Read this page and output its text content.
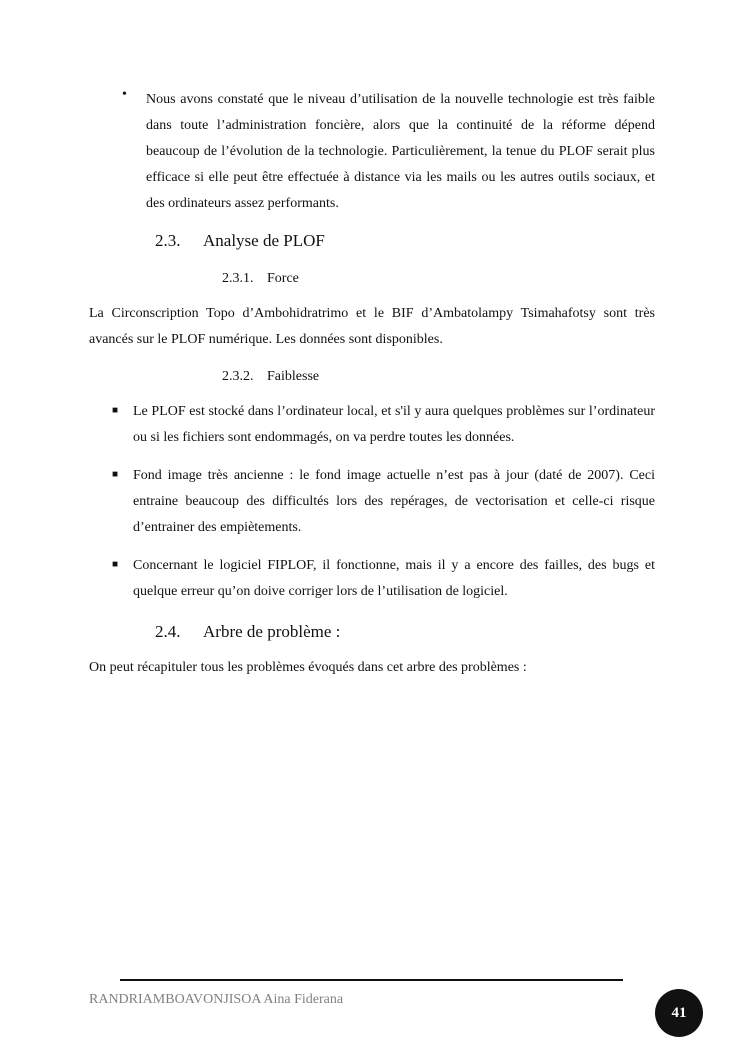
• Nous avons constaté que le niveau d’utilisation de la nouvelle technologie est très faible dans toute l’administration foncière, alors que la continuité de la réforme dépend beaucoup de l’évolution de la technologie. Particulièrement, la tenue du PLOF serait plus efficace si elle peut être effectuée à distance via les mails ou les autres outils sociaux, et des ordinateurs assez performants.
2.3. Analyse de PLOF
2.3.1. Force
La Circonscription Topo d’Ambohidratrimo et le BIF d’Ambatolampy Tsimahafotsy sont très avancés sur le PLOF numérique. Les données sont disponibles.
2.3.2. Faiblesse
■ Le PLOF est stocké dans l’ordinateur local, et s'il y aura quelques problèmes sur l’ordinateur ou si les fichiers sont endommagés, on va perdre toutes les données.
■ Fond image très ancienne : le fond image actuelle n’est pas à jour (daté de 2007). Ceci entraine beaucoup des difficultés lors des repérages, de vectorisation et celle-ci risque d’entrainer des empiètements.
■ Concernant le logiciel FIPLOF, il fonctionne, mais il y a encore des failles, des bugs et quelque erreur qu’on doive corriger lors de l’utilisation de logiciel.
2.4. Arbre de problème :
On peut récapituler tous les problèmes évoqués dans cet arbre des problèmes :
RANDRIAMBOAVONJISOA Aina Fiderana
41
